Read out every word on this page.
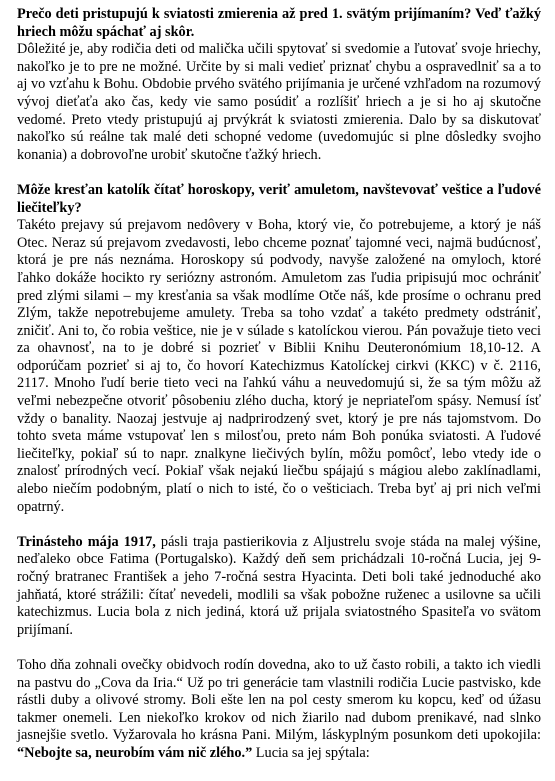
Prečo deti pristupujú k sviatosti zmierenia až pred 1. svätým prijímaním? Veď ťažký hriech môžu spáchať aj skôr.

Dôležité je, aby rodičia deti od malička učili spytovať si svedomie a ľutovať svoje hriechy, nakoľko je to pre ne možné. Určite by si mali vedieť priznať chybu a ospravedlniť sa a to aj vo vzťahu k Bohu. Obdobie prvého svätého prijímania je určené vzhľadom na rozumový vývoj dieťaťa ako čas, kedy vie samo posúdiť a rozlíšiť hriech a je si ho aj skutočne vedomé. Preto vtedy pristupujú aj prvýkrát k sviatosti zmierenia. Dalo by sa diskutovať nakoľko sú reálne tak malé deti schopné vedome (uvedomujúc si plne dôsledky svojho konania) a dobrovoľne urobiť skutočne ťažký hriech.

Môže kresťan katolík čítať horoskopy, veriť amuletom, navštevovať veštice a ľudové liečiteľky?

Takéto prejavy sú prejavom nedôvery v Boha, ktorý vie, čo potrebujeme, a ktorý je náš Otec. Neraz sú prejavom zvedavosti, lebo chceme poznať tajomné veci, najmä budúcnosť, ktorá je pre nás neznáma. Horoskopy sú podvody, navyše založené na omyloch, ktoré ľahko dokáže hocikto ry seriózny astronóm. Amuletom zas ľudia pripisujú moc ochrániť pred zlými silami – my kresťania sa však modlíme Otče náš, kde prosíme o ochranu pred Zlým, takže nepotrebujeme amulety. Treba sa toho vzdať a takéto predmety odstrániť, zničiť. Ani to, čo robia veštice, nie je v súlade s katolíckou vierou. Pán považuje tieto veci za ohavnosť, na to je dobré si pozrieť v Biblii Knihu Deuteronómium 18,10-12. A odporúčam pozrieť si aj to, čo hovorí Katechizmus Katolíckej cirkvi (KKC) v č. 2116, 2117. Mnoho ľudí berie tieto veci na ľahkú váhu a neuvedomujú si, že sa tým môžu až veľmi nebezpečne otvoriť pôsobeniu zlého ducha, ktorý je nepriateľom spásy. Nemusí ísť vždy o banality. Naozaj jestvuje aj nadprirodzený svet, ktorý je pre nás tajomstvom. Do tohto sveta máme vstupovať len s milosťou, preto nám Boh ponúka sviatosti. A ľudové liečiteľky, pokiaľ sú to napr. znalkyne liečivých bylín, môžu pomôcť, lebo vtedy ide o znalosť prírodných vecí. Pokiaľ však nejakú liečbu spájajú s mágiou alebo zaklínadlami, alebo niečím podobným, platí o nich to isté, čo o vešticiach. Treba byť aj pri nich veľmi opatrný.

Trinásteho mája 1917, pásli traja pastierikovia z Aljustrelu svoje stáda na malej výšine, neďaleko obce Fatima (Portugalsko). Každý deň sem prichádzali 10-ročná Lucia, jej 9-ročný bratranec František a jeho 7-ročná sestra Hyacinta. Deti boli také jednoduché ako jahňatá, ktoré strážili: čítať nevedeli, modlili sa však pobožne ruženec a usilovne sa učili katechizmus. Lucia bola z nich jediná, ktorá už prijala sviatostného Spasiteľa vo svätom prijímaní.

Toho dňa zohnali ovečky obidvoch rodín dovedna, ako to už často robili, a takto ich viedli na pastvu do „Cova da Iria.“ Už po tri generácie tam vlastnili rodičia Lucie pastvisko, kde rástli duby a olivové stromy. Boli ešte len na pol cesty smerom ku kopcu, keď od úžasu takmer onemeli. Len niekoľko krokov od nich žiarilo nad dubom prenikavé, nad slnko jasnejšie svetlo. Vyžarovala ho krásna Pani. Milým, láskyplným posunkom deti upokojila: “Nebojte sa, neurobím vám nič zlého.” Lucia sa jej spýtala:
